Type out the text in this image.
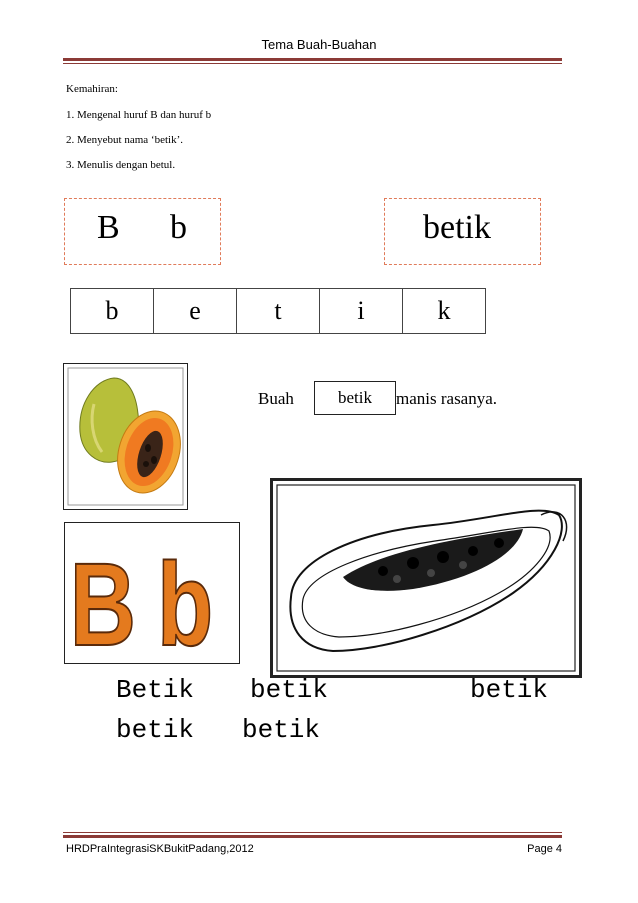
Tema Buah-Buahan
Kemahiran:
1. Mengenal huruf B dan huruf b
2. Menyebut nama ‘betik’.
3. Menulis dengan betul.
B b	betik
b	e	t	i	k
Buah	betik manis rasanya.
B b
Betik betik	betik
betik betik
HRDPraIntegrasiSKBukitPadang,2012	Page 4
